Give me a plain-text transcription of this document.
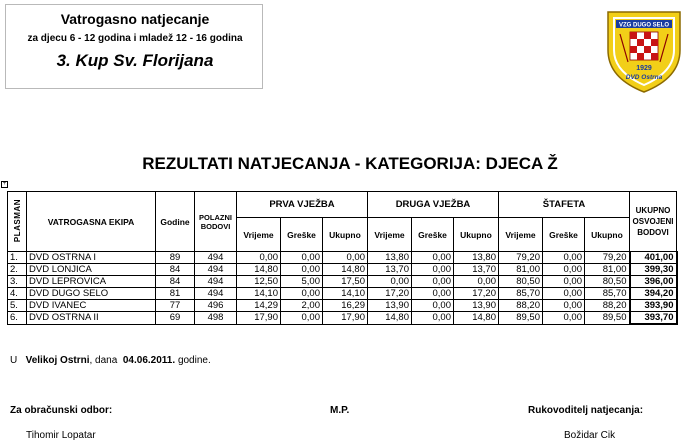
Vatrogasno natjecanje
za djecu 6 - 12 godina i mladež 12 - 16 godina
3. Kup Sv. Florijana
VZG DUGO SELO
1929
DVD Ostrna
REZULTATI NATJECANJA - KATEGORIJA: DJECA Ž
+
PLASMAN	VATROGASNA EKIPA	Godine	POLAZNI BODOVI	PRVA VJEŽBA			DRUGA VJEŽBA			ŠTAFETA			UKUPNO OSVOJENI BODOVI
				Vrijeme	Greške	Ukupno	Vrijeme	Greške	Ukupno	Vrijeme	Greške	Ukupno	
1.	DVD OSTRNA I	89	494	0,00	0,00	0,00	13,80	0,00	13,80	79,20	0,00	79,20	401,00
2.	DVD LONJICA	84	494	14,80	0,00	14,80	13,70	0,00	13,70	81,00	0,00	81,00	399,30
3.	DVD LEPROVICA	84	494	12,50	5,00	17,50	0,00	0,00	0,00	80,50	0,00	80,50	396,00
4.	DVD DUGO SELO	81	494	14,10	0,00	14,10	17,20	0,00	17,20	85,70	0,00	85,70	394,20
5.	DVD IVANEC	77	496	14,29	2,00	16,29	13,90	0,00	13,90	88,20	0,00	88,20	393,90
6.	DVD OSTRNA II	69	498	17,90	0,00	17,90	14,80	0,00	14,80	89,50	0,00	89,50	393,70
U Velikoj Ostrni, dana 04.06.2011. godine.
Za obračunski odbor:	M.P.	Rukovoditelj natjecanja:
Tihomir Lopatar	Božidar Cik
